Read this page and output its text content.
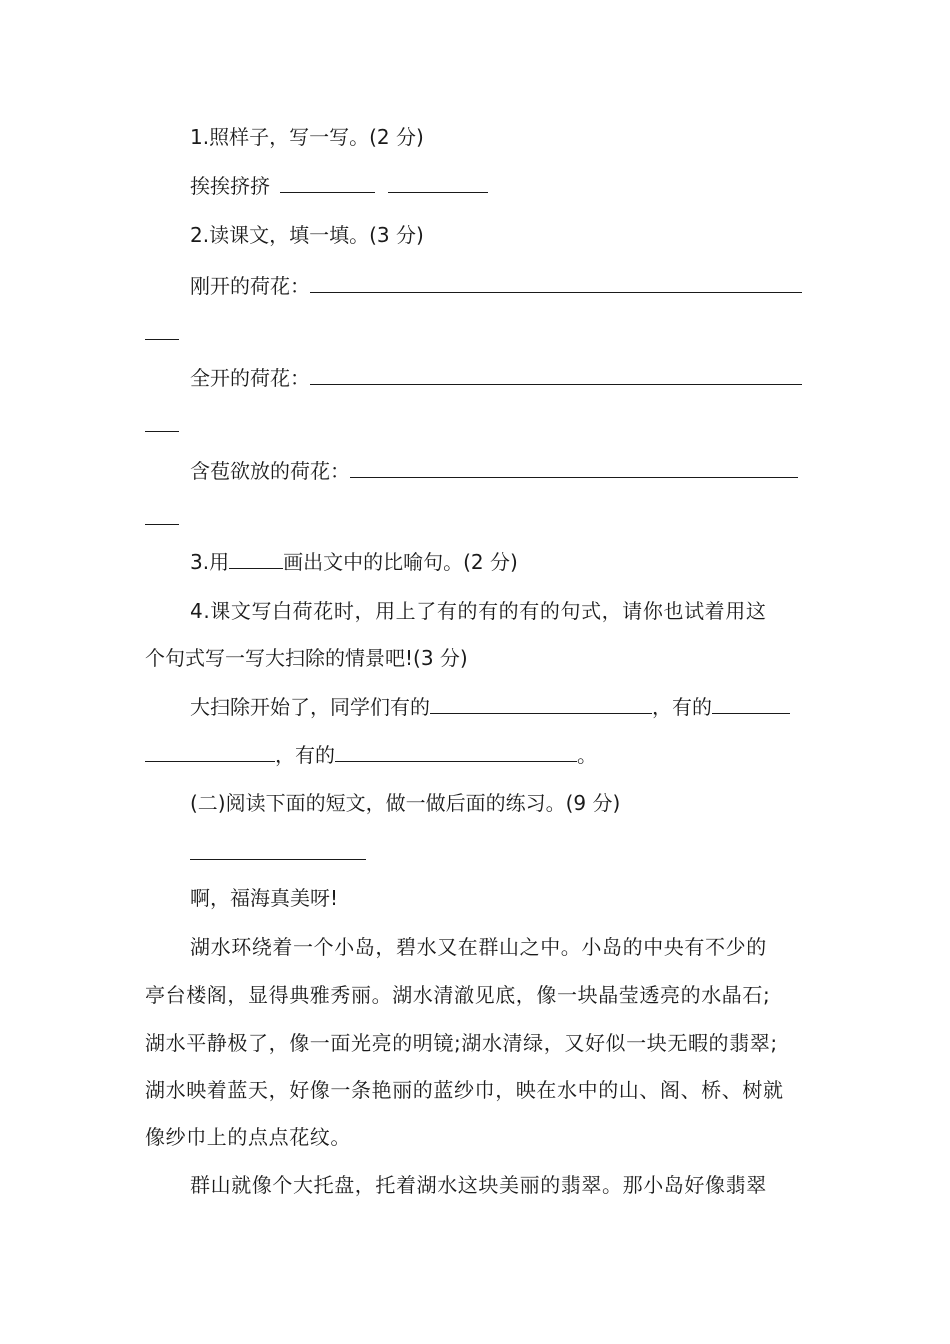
1.照样子，写一写。(2 分)
挨挨挤挤
2.读课文，填一填。(3 分)
刚开的荷花：
全开的荷花：
含苞欲放的荷花：
3.用	画出文中的比喻句。(2 分)
4.课文写白荷花时，用上了有的有的有的句式，请你也试着用这
个句式写一写大扫除的情景吧!(3 分)
大扫除开始了，同学们有的	，有的
，有的	。
(二)阅读下面的短文，做一做后面的练习。(9 分)
啊，福海真美呀!
湖水环绕着一个小岛，碧水又在群山之中。小岛的中央有不少的
亭台楼阁，显得典雅秀丽。湖水清澈见底，像一块晶莹透亮的水晶石;
湖水平静极了，像一面光亮的明镜;湖水清绿，又好似一块无暇的翡翠;
湖水映着蓝天，好像一条艳丽的蓝纱巾，映在水中的山、阁、桥、树就
像纱巾上的点点花纹。
群山就像个大托盘，托着湖水这块美丽的翡翠。那小岛好像翡翠
